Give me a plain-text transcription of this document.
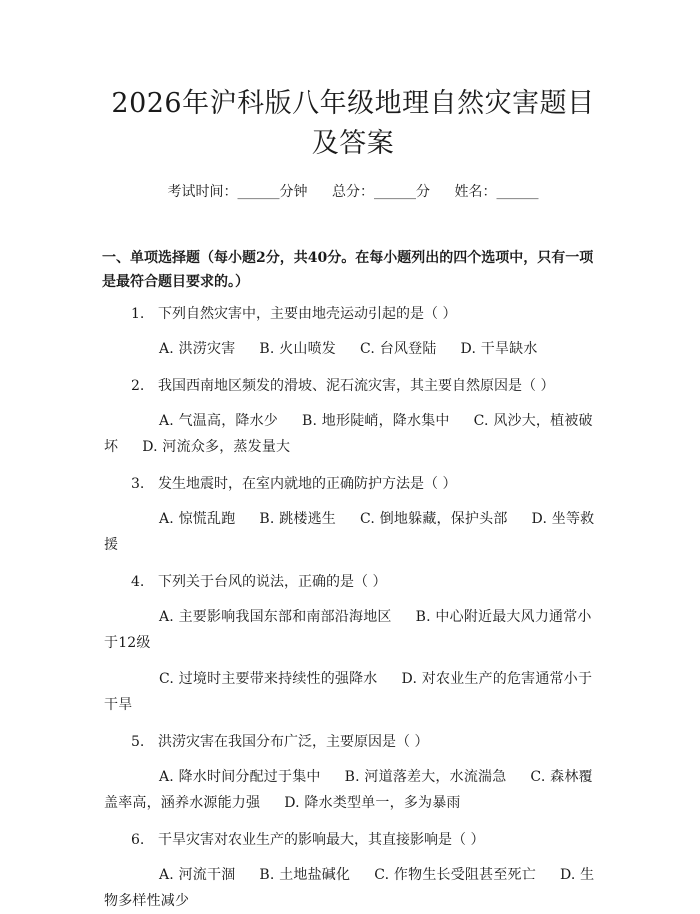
2026年沪科版八年级地理自然灾害题目及答案
考试时间：______分钟 总分：______分 姓名：______
一、单项选择题（每小题2分，共40分。在每小题列出的四个选项中，只有一项是最符合题目要求的。）
1. 下列自然灾害中，主要由地壳运动引起的是（ ）
A. 洪涝灾害 B. 火山喷发 C. 台风登陆 D. 干旱缺水
2. 我国西南地区频发的滑坡、泥石流灾害，其主要自然原因是（ ）
A. 气温高，降水少 B. 地形陡峭，降水集中 C. 风沙大，植被破坏 D. 河流众多，蒸发量大
3. 发生地震时，在室内就地的正确防护方法是（ ）
A. 惊慌乱跑 B. 跳楼逃生 C. 倒地躲藏，保护头部 D. 坐等救援
4. 下列关于台风的说法，正确的是（ ）
A. 主要影响我国东部和南部沿海地区 B. 中心附近最大风力通常小于12级
C. 过境时主要带来持续性的强降水 D. 对农业生产的危害通常小于干旱
5. 洪涝灾害在我国分布广泛，主要原因是（ ）
A. 降水时间分配过于集中 B. 河道落差大，水流湍急 C. 森林覆盖率高，涵养水源能力强 D. 降水类型单一，多为暴雨
6. 干旱灾害对农业生产的影响最大，其直接影响是（ ）
A. 河流干涸 B. 土地盐碱化 C. 作物生长受阻甚至死亡 D. 生物多样性减少
